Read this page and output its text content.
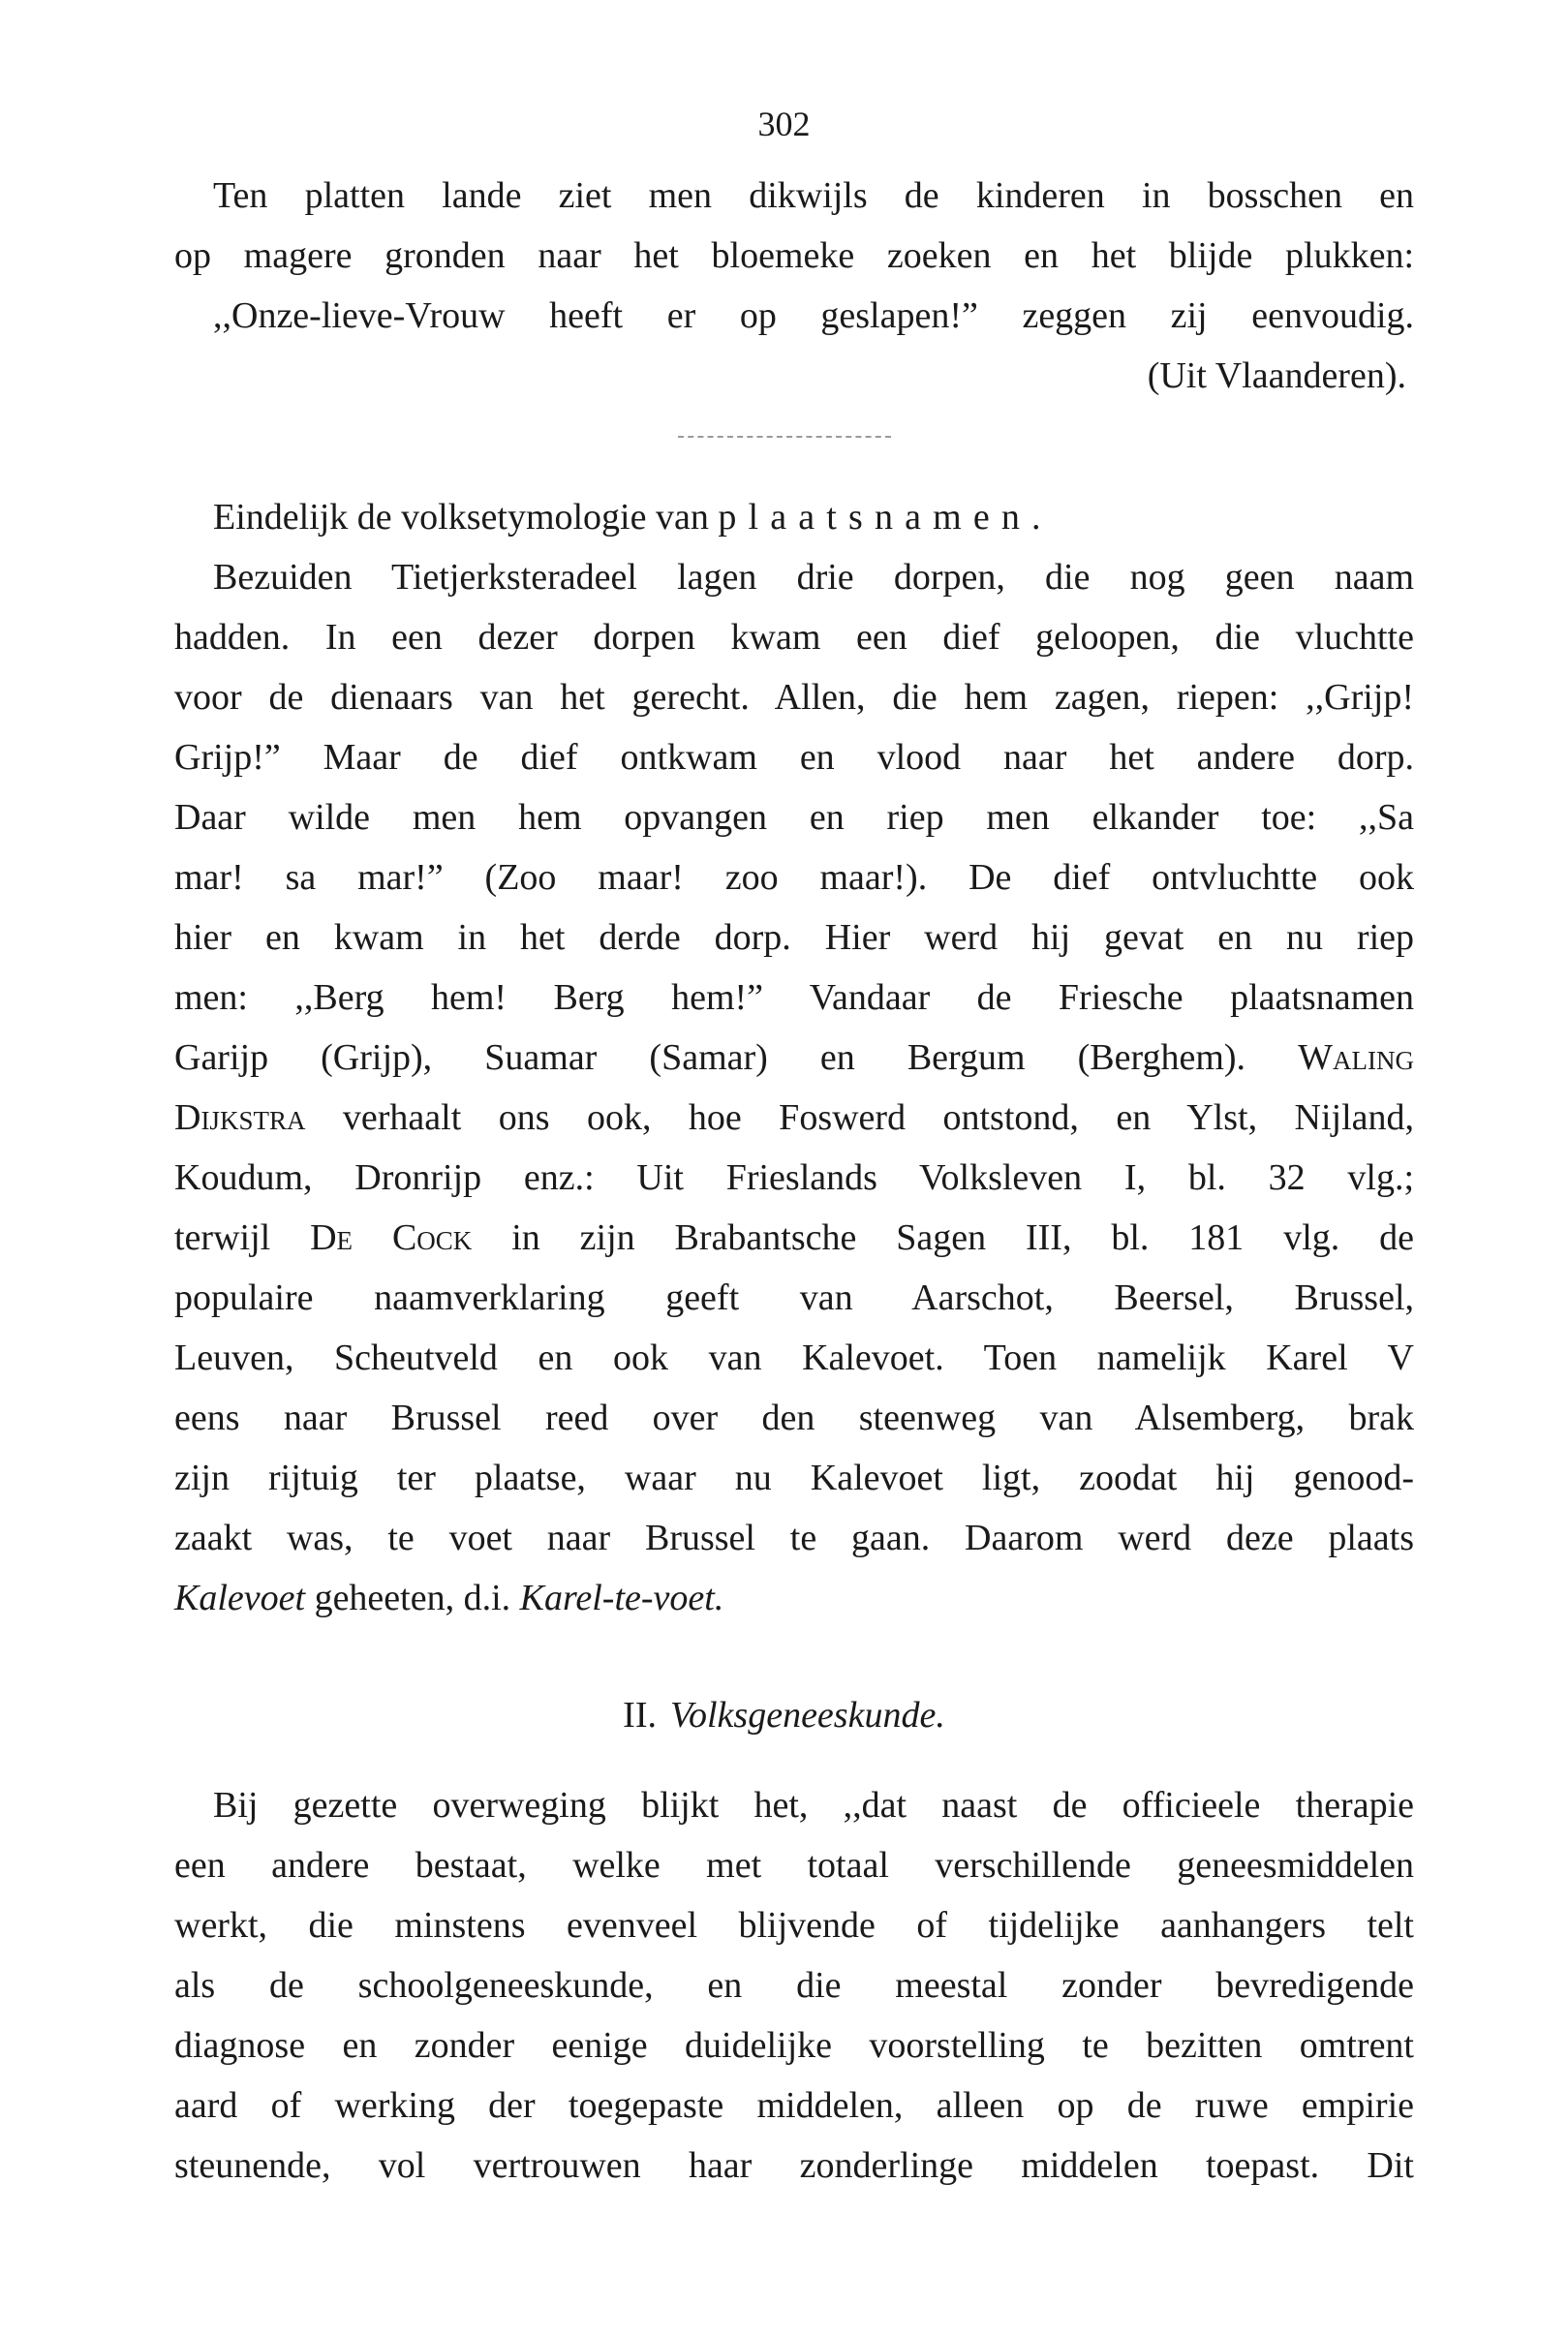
302
Ten platten lande ziet men dikwijls de kinderen in bosschen en
op magere gronden naar het bloemeke zoeken en het blijde plukken:
,,Onze-lieve-Vrouw heeft er op geslapen!” zeggen zij eenvoudig.
(Uit Vlaanderen).
Eindelijk de volksetymologie van plaatsnamen.
Bezuiden Tietjerksteradeel lagen drie dorpen, die nog geen naam
hadden. In een dezer dorpen kwam een dief geloopen, die vluchtte
voor de dienaars van het gerecht. Allen, die hem zagen, riepen: ,,Grijp!
Grijp!” Maar de dief ontkwam en vlood naar het andere dorp.
Daar wilde men hem opvangen en riep men elkander toe: ,,Sa
mar! sa mar!” (Zoo maar! zoo maar!). De dief ontvluchtte ook
hier en kwam in het derde dorp. Hier werd hij gevat en nu riep
men: ,,Berg hem! Berg hem!” Vandaar de Friesche plaatsnamen
Garijp (Grijp), Suamar (Samar) en Bergum (Berghem). Waling
Dijkstra verhaalt ons ook, hoe Foswerd ontstond, en Ylst, Nijland,
Koudum, Dronrijp enz.: Uit Frieslands Volksleven I, bl. 32 vlg.;
terwijl De Cock in zijn Brabantsche Sagen III, bl. 181 vlg. de
populaire naamverklaring geeft van Aarschot, Beersel, Brussel,
Leuven, Scheutveld en ook van Kalevoet. Toen namelijk Karel V
eens naar Brussel reed over den steenweg van Alsemberg, brak
zijn rijtuig ter plaatse, waar nu Kalevoet ligt, zoodat hij genood-
zaakt was, te voet naar Brussel te gaan. Daarom werd deze plaats
Kalevoet geheeten, d.i. Karel-te-voet.
II. Volksgeneeskunde.
Bij gezette overweging blijkt het, ,,dat naast de officieele therapie
een andere bestaat, welke met totaal verschillende geneesmiddelen
werkt, die minstens evenveel blijvende of tijdelijke aanhangers telt
als de schoolgeneeskunde, en die meestal zonder bevredigende
diagnose en zonder eenige duidelijke voorstelling te bezitten omtrent
aard of werking der toegepaste middelen, alleen op de ruwe empirie
steunende, vol vertrouwen haar zonderlinge middelen toepast. Dit
